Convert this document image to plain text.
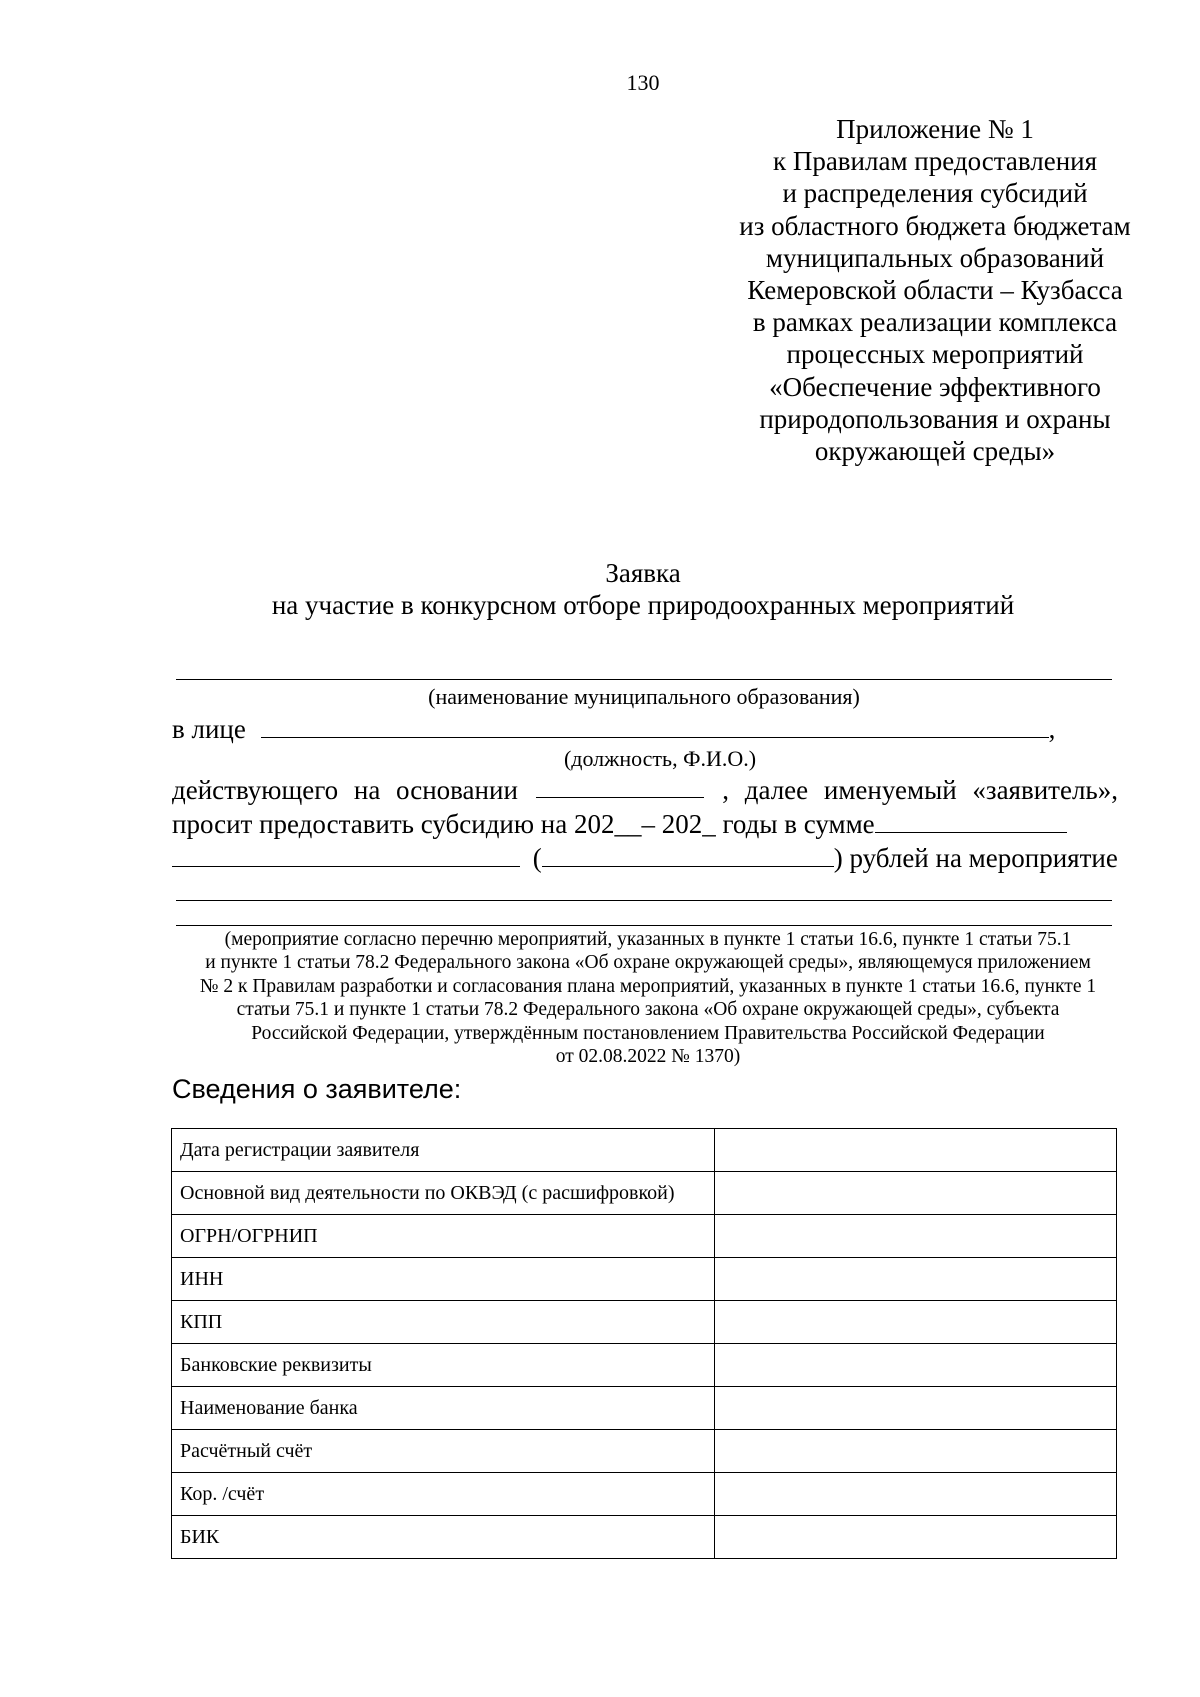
130
Приложение № 1
к Правилам предоставления
и распределения субсидий
из областного бюджета бюджетам
муниципальных образований
Кемеровской области – Кузбасса
в рамках реализации комплекса
процессных мероприятий
«Обеспечение эффективного
природопользования и охраны
окружающей среды»
Заявка
на участие в конкурсном отборе природоохранных мероприятий
(наименование муниципального образования)
в лице	,
(должность, Ф.И.О.)
действующего на основании	, далее именуемый «заявитель»,
просит предоставить субсидию на 202__– 202_ годы в сумме
(	) рублей на мероприятие
(мероприятие согласно перечню мероприятий, указанных в пункте 1 статьи 16.6, пункте 1 статьи 75.1
и пункте 1 статьи 78.2 Федерального закона «Об охране окружающей среды», являющемуся приложением
№ 2 к Правилам разработки и согласования плана мероприятий, указанных в пункте 1 статьи 16.6, пункте 1
статьи 75.1 и пункте 1 статьи 78.2 Федерального закона «Об охране окружающей среды», субъекта
Российской Федерации, утверждённым постановлением Правительства Российской Федерации
от 02.08.2022 № 1370)
Сведения о заявителе:
Дата регистрации заявителя	
Основной вид деятельности по ОКВЭД (с расшифровкой)	
ОГРН/ОГРНИП	
ИНН	
КПП	
Банковские реквизиты	
Наименование банка	
Расчётный счёт	
Кор. /счёт	
БИК	
